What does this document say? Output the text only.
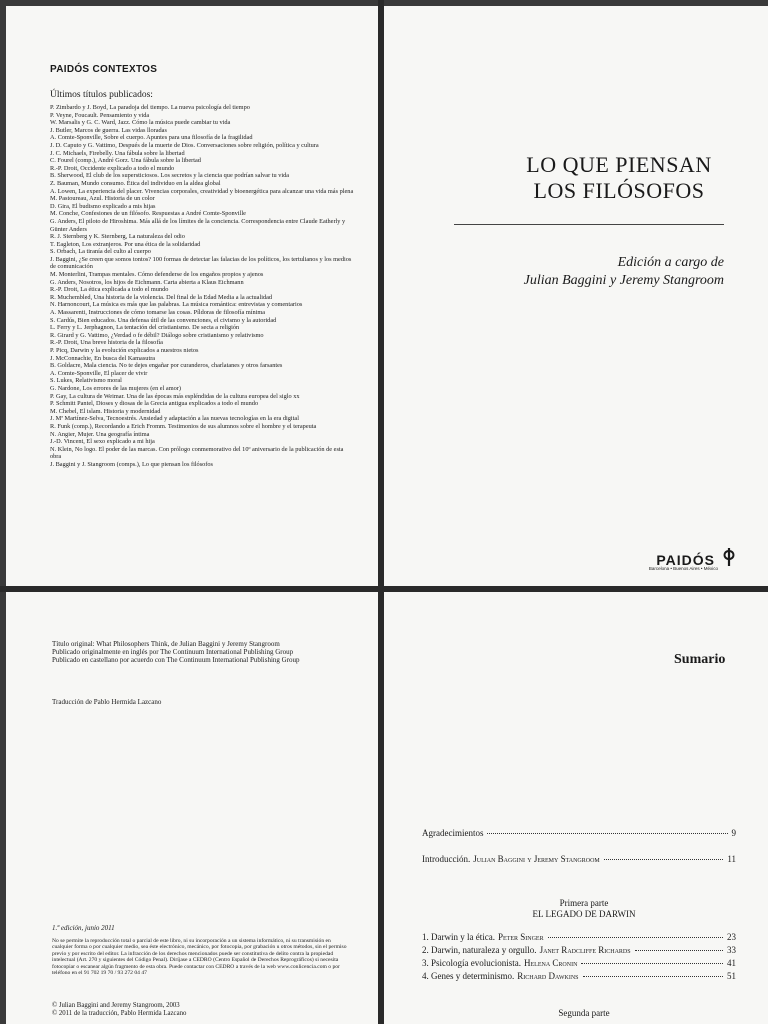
PAIDÓS CONTEXTOS
Últimos títulos publicados:
P. Zimbardo y J. Boyd, La paradoja del tiempo. La nueva psicología del tiempo
P. Veyne, Foucault. Pensamiento y vida
W. Marsalis y G. C. Ward, Jazz. Cómo la música puede cambiar tu vida
J. Butler, Marcos de guerra. Las vidas lloradas
A. Comte-Sponville, Sobre el cuerpo. Apuntes para una filosofía de la fragilidad
J. D. Caputo y G. Vattimo, Después de la muerte de Dios. Conversaciones sobre religión, política y cultura
J. C. Michaels, Firebelly. Una fábula sobre la libertad
C. Fourel (comp.), André Gorz. Una fábula sobre la libertad
R.-P. Droit, Occidente explicado a todo el mundo
B. Sherwood, El club de los supersticiosos. Los secretos y la ciencia que podrían salvar tu vida
Z. Bauman, Mundo consumo. Ética del individuo en la aldea global
A. Lowen, La experiencia del placer. Vivencias corporales, creatividad y bioenergética para alcanzar una vida más plena
M. Pastoureau, Azul. Historia de un color
D. Gira, El budismo explicado a mis hijas
M. Conche, Confesiones de un filósofo. Respuestas a André Comte-Sponville
G. Anders, El piloto de Hiroshima. Más allá de los límites de la conciencia. Correspondencia entre Claude Eatherly y Günter Anders
R. J. Sternberg y K. Sternberg, La naturaleza del odio
T. Eagleton, Los extranjeros. Por una ética de la solidaridad
S. Orbach, La tiranía del culto al cuerpo
J. Baggini, ¿Se creen que somos tontos? 100 formas de detectar las falacias de los políticos, los tertulianos y los medios de comunicación
M. Monterlini, Trampas mentales. Cómo defenderse de los engaños propios y ajenos
G. Anders, Nosotros, los hijos de Eichmann. Carta abierta a Klaus Eichmann
R.-P. Droit, La ética explicada a todo el mundo
R. Muchembled, Una historia de la violencia. Del final de la Edad Media a la actualidad
N. Harnoncourt, La música es más que las palabras. La música romántica: entrevistas y comentarios
A. Massarenti, Instrucciones de cómo tomarse las cosas. Píldoras de filosofía mínima
S. Cardús, Bien educados. Una defensa útil de las convenciones, el civismo y la autoridad
L. Ferry y L. Jerphagnon, La tentación del cristianismo. De secta a religión
R. Girard y G. Vattimo, ¿Verdad o fe débil? Diálogo sobre cristianismo y relativismo
R.-P. Droit, Una breve historia de la filosofía
P. Picq, Darwin y la evolución explicados a nuestros nietos
J. McConnachie, En busca del Kamasutra
B. Goldacre, Mala ciencia. No te dejes engañar por curanderos, charlatanes y otros farsantes
A. Comte-Sponville, El placer de vivir
S. Lukes, Relativismo moral
G. Nardone, Los errores de las mujeres (en el amor)
P. Gay, La cultura de Weimar. Una de las épocas más espléndidas de la cultura europea del siglo xx
P. Schmitt Pantel, Dioses y diosas de la Grecia antigua explicados a todo el mundo
M. Chebel, El islam. Historia y modernidad
J. Mª Martínez-Selva, Tecnoestrés. Ansiedad y adaptación a las nuevas tecnologías en la era digital
R. Funk (comp.), Recordando a Erich Fromm. Testimonios de sus alumnos sobre el hombre y el terapeuta
N. Angier, Mujer. Una geografía íntima
J.-D. Vincent, El sexo explicado a mi hija
N. Klein, No logo. El poder de las marcas. Con prólogo conmemorativo del 10º aniversario de la publicación de esta obra
J. Baggini y J. Stangroom (comps.), Lo que piensan los filósofos
LO QUE PIENSAN
LOS FILÓSOFOS
Edición a cargo de
Julian Baggini y Jeremy Stangroom
PAIDÓS
Barcelona • Buenos Aires • México
Título original: What Philosophers Think, de Julian Baggini y Jeremy Stangroom
Publicado originalmente en inglés por The Continuum International Publishing Group
Publicado en castellano por acuerdo con The Continuum International Publishing Group
Traducción de Pablo Hermida Lazcano
1.ª edición, junio 2011
No se permite la reproducción total o parcial de este libro, ni su incorporación a un sistema informático, ni su transmisión en cualquier forma o por cualquier medio, sea éste electrónico, mecánico, por fotocopia, por grabación u otros métodos, sin el permiso previo y por escrito del editor. La infracción de los derechos mencionados puede ser constitutiva de delito contra la propiedad intelectual (Art. 270 y siguientes del Código Penal). Diríjase a CEDRO (Centro Español de Derechos Reprográficos) si necesita fotocopiar o escanear algún fragmento de esta obra. Puede contactar con CEDRO a través de la web www.conlicencia.com o por teléfono en el 91 702 19 70 / 93 272 04 47
© Julian Baggini and Jeremy Stangroom, 2003
© 2011 de la traducción, Pablo Hermida Lazcano
Sumario
Agradecimientos	9
Introducción. Julian Baggini y Jeremy Stangroom	11
Primera parte
EL LEGADO DE DARWIN
1. Darwin y la ética. Peter Singer	23
2. Darwin, naturaleza y orgullo. Janet Radcliffe Richards	33
3. Psicología evolucionista. Helena Cronin	41
4. Genes y determinismo. Richard Dawkins	51
Segunda parte
